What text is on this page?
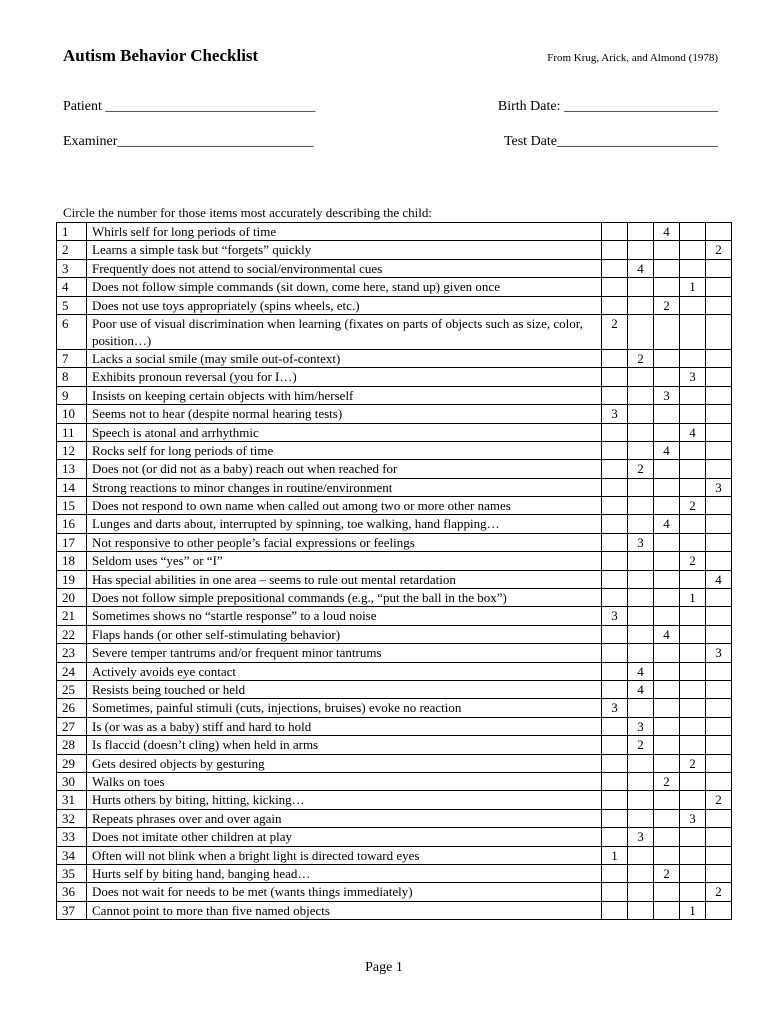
Autism Behavior Checklist	From Krug, Arick, and Almond (1978)
Patient ______________________________	Birth Date: ______________________
Examiner____________________________	Test Date_______________________
Circle the number for those items most accurately describing the child:
1	Whirls self for long periods of time			4		
2	Learns a simple task but “forgets” quickly					2
3	Frequently does not attend to social/environmental cues		4			
4	Does not follow simple commands (sit down, come here, stand up) given once				1	
5	Does not use toys appropriately (spins wheels, etc.)			2		
6	Poor use of visual discrimination when learning (fixates on parts of objects such as size, color, position…)	2				
7	Lacks a social smile (may smile out-of-context)		2			
8	Exhibits pronoun reversal (you for I…)				3	
9	Insists on keeping certain objects with him/herself			3		
10	Seems not to hear (despite normal hearing tests)	3				
11	Speech is atonal and arrhythmic				4	
12	Rocks self for long periods of time			4		
13	Does not (or did not as a baby) reach out when reached for		2			
14	Strong reactions to minor changes in routine/environment					3
15	Does not respond to own name when called out among two or more other names				2	
16	Lunges and darts about, interrupted by spinning, toe walking, hand flapping…			4		
17	Not responsive to other people’s facial expressions or feelings		3			
18	Seldom uses “yes” or “I”				2	
19	Has special abilities in one area – seems to rule out mental retardation					4
20	Does not follow simple prepositional commands (e.g., “put the ball in the box”)				1	
21	Sometimes shows no “startle response” to a loud noise	3				
22	Flaps hands (or other self-stimulating behavior)			4		
23	Severe temper tantrums and/or frequent minor tantrums					3
24	Actively avoids eye contact		4			
25	Resists being touched or held		4			
26	Sometimes, painful stimuli (cuts, injections, bruises) evoke no reaction	3				
27	Is (or was as a baby) stiff and hard to hold		3			
28	Is flaccid (doesn’t cling) when held in arms		2			
29	Gets desired objects by gesturing				2	
30	Walks on toes			2		
31	Hurts others by biting, hitting, kicking…					2
32	Repeats phrases over and over again				3	
33	Does not imitate other children at play		3			
34	Often will not blink when a bright light is directed toward eyes	1				
35	Hurts self by biting hand, banging head…			2		
36	Does not wait for needs to be met (wants things immediately)					2
37	Cannot point to more than five named objects				1	
Page 1
